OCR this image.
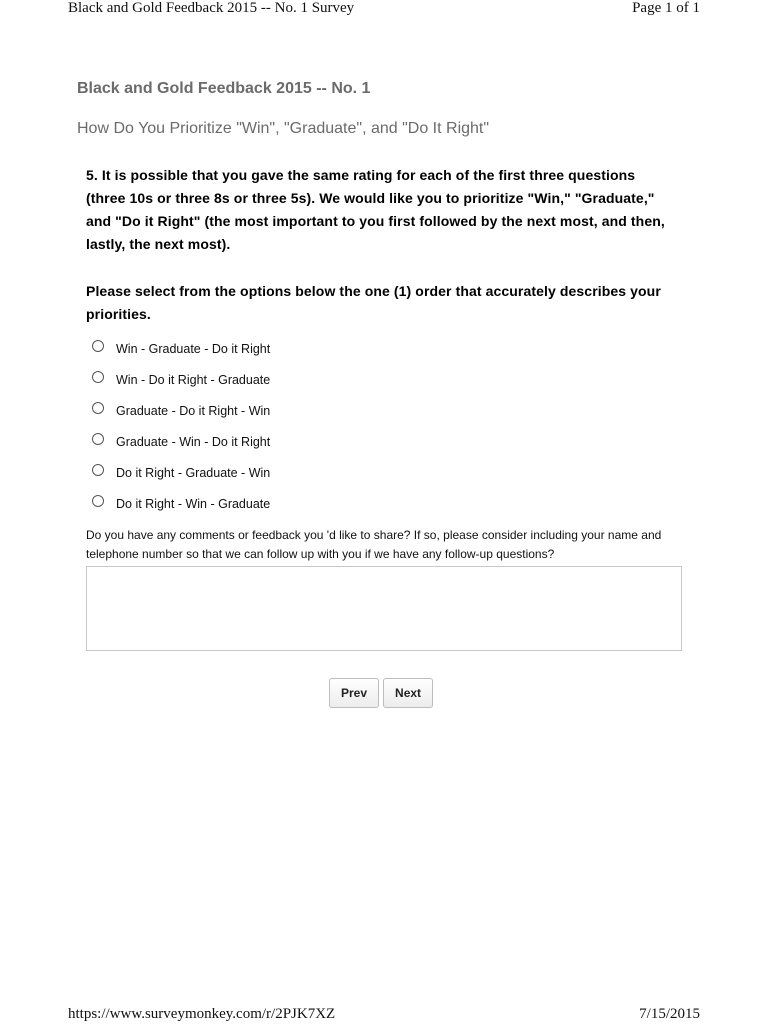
Black and Gold Feedback 2015 -- No. 1 Survey	Page 1 of 1
Black and Gold Feedback 2015 -- No. 1
How Do You Prioritize "Win", "Graduate", and "Do It Right"
5. It is possible that you gave the same rating for each of the first three questions (three 10s or three 8s or three 5s). We would like you to prioritize "Win," "Graduate," and "Do it Right" (the most important to you first followed by the next most, and then, lastly, the next most).
Please select from the options below the one (1) order that accurately describes your priorities.
Win - Graduate - Do it Right
Win - Do it Right - Graduate
Graduate - Do it Right - Win
Graduate - Win - Do it Right
Do it Right - Graduate - Win
Do it Right - Win - Graduate
Do you have any comments or feedback you 'd like to share? If so, please consider including your name and telephone number so that we can follow up with you if we have any follow-up questions?
Prev	Next
https://www.surveymonkey.com/r/2PJK7XZ	7/15/2015
